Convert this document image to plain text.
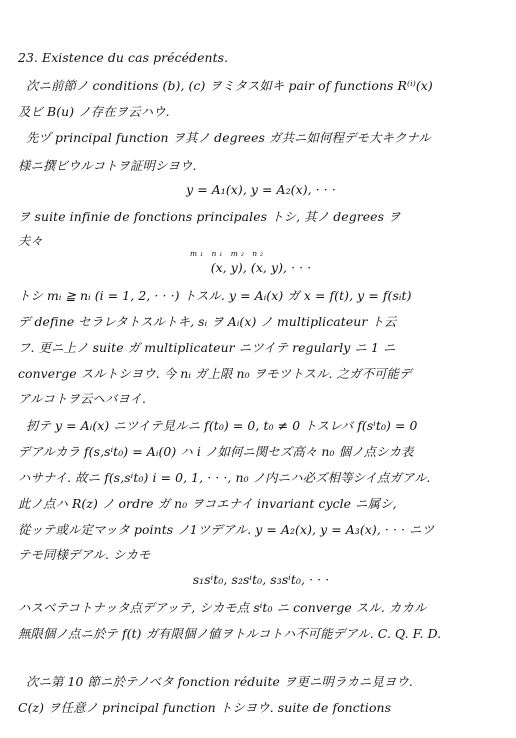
23. Existence du cas précédents.
次ニ前節ノ conditions (b), (c) ヲミタス如キ pair of functions R⁽ⁱ⁾(x)
及ビ B(u) ノ存在ヲ云ハウ.
先ヅ principal function ヲ其ノ degrees ガ共ニ如何程デモ大キクナル
様ニ撰ビウルコトヲ証明シヨウ.
y = A₁(x), y = A₂(x), · · ·
ヲ suite infinie de fonctions principales トシ, 其ノ degrees ヲ
夫々
m₁ n₁ m₂ n₂
(x, y), (x, y), · · ·
トシ mᵢ ≧ nᵢ (i = 1, 2, · · ·) トスル. y = Aᵢ(x) ガ x = f(t), y = f(sᵢt)
デ define セラレタトスルトキ, sᵢ ヲ Aᵢ(x) ノ multiplicateur ト云
フ. 更ニ上ノ suite ガ multiplicateur ニツイテ regularly ニ 1 ニ
converge スルトシヨウ. 今 nᵢ ガ上限 n₀ ヲモツトスル. 之ガ不可能デ
アルコトヲ云ヘバヨイ.
扨テ y = Aᵢ(x) ニツイテ見ルニ f(t₀) = 0, t₀ ≠ 0 トスレバ f(sⁱt₀) = 0
デアルカラ f(s,sⁱt₀) = Aᵢ(0) ハ i ノ如何ニ関セズ高々 n₀ 個ノ点シカ表
ハサナイ. 故ニ f(s,sⁱt₀) i = 0, 1, · · ·, n₀ ノ内ニハ必ズ相等シイ点ガアル.
此ノ点ハ R(z) ノ ordre ガ n₀ ヲコエナイ invariant cycle ニ属シ,
從ッテ或ル定マッタ points ノ1ツデアル. y = A₂(x), y = A₃(x), · · · ニツ
テモ同様デアル. シカモ
s₁sⁱt₀, s₂sⁱt₀, s₃sⁱt₀, · · ·
ハスベテコトナッタ点デアッテ, シカモ点 sⁱt₀ ニ converge スル. カカル
無限個ノ点ニ於テ f(t) ガ有限個ノ値ヲトルコトハ不可能デアル. C. Q. F. D.
次ニ第 10 節ニ於テノベタ fonction réduite ヲ更ニ明ラカニ見ヨウ.
C(z) ヲ任意ノ principal function トシヨウ. suite de fonctions
